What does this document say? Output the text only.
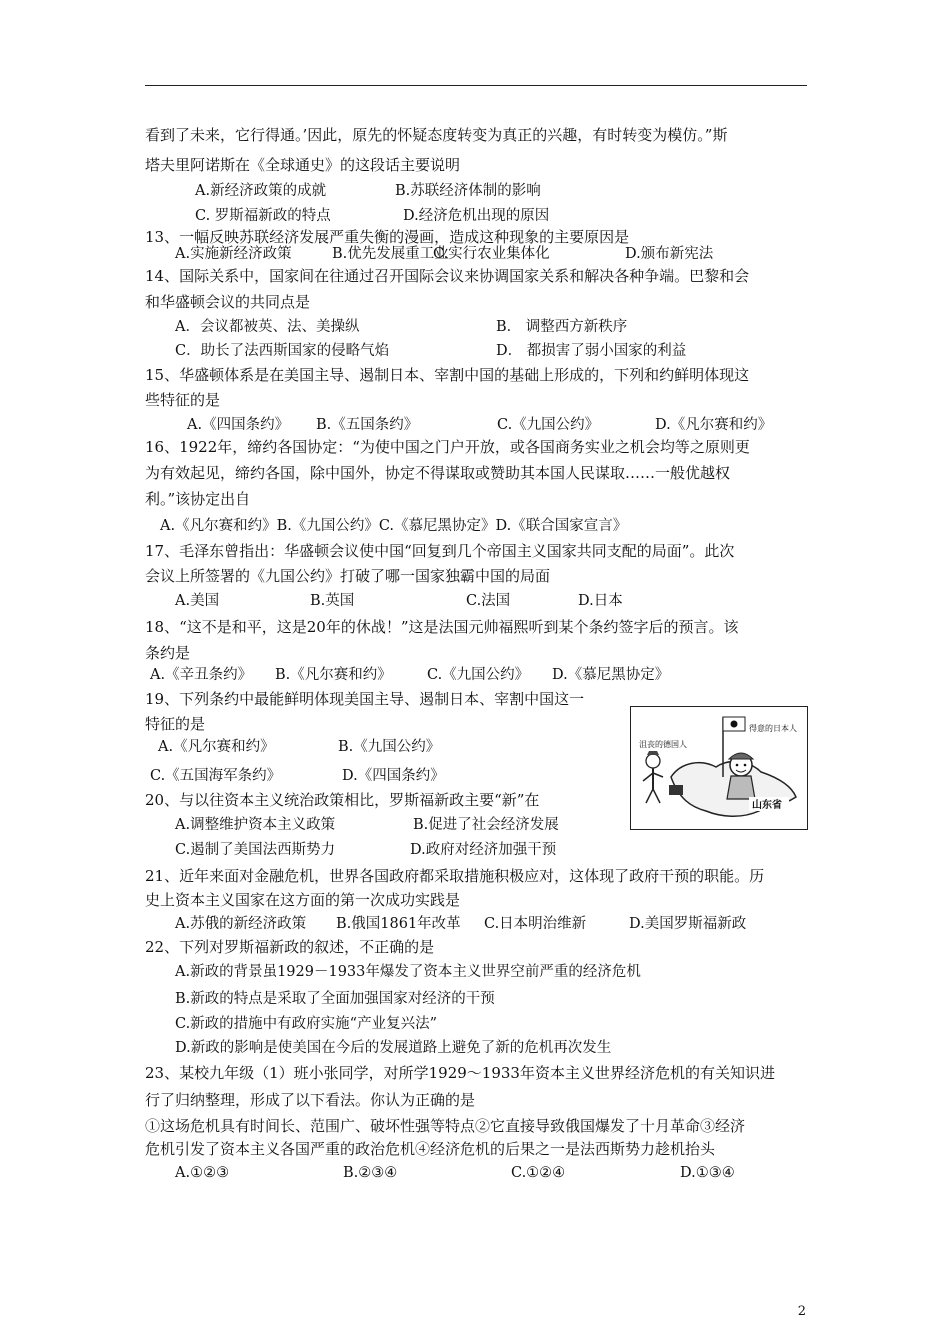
看到了未来，它行得通。’因此，原先的怀疑态度转变为真正的兴趣，有时转变为模仿。”斯
塔夫里阿诺斯在《全球通史》的这段话主要说明
A.新经济政策的成就	B.苏联经济体制的影响
C. 罗斯福新政的特点	D.经济危机出现的原因
13、一幅反映苏联经济发展严重失衡的漫画，造成这种现象的主要原因是
A.实施新经济政策	B.优先发展重工业
C.实行农业集体化	D.颁布新宪法
14、国际关系中，国家间在往通过召开国际会议来协调国家关系和解决各种争端。巴黎和会
和华盛顿会议的共同点是
A．会议都被英、法、美操纵	B． 调整西方新秩序
C．助长了法西斯国家的侵略气焰	D． 都损害了弱小国家的利益
15、华盛顿体系是在美国主导、遏制日本、宰割中国的基础上形成的，下列和约鲜明体现这
些特征的是
A.《四国条约》 B.《五国条约》	C.《九国公约》	D.《凡尔赛和约》
16、1922年，缔约各国协定：“为使中国之门户开放，或各国商务实业之机会均等之原则更
为有效起见，缔约各国，除中国外，协定不得谋取或赞助其本国人民谋取……一般优越权
利。”该协定出自
A.《凡尔赛和约》B.《九国公约》C.《慕尼黑协定》D.《联合国家宣言》
17、毛泽东曾指出：华盛顿会议使中国“回复到几个帝国主义国家共同支配的局面”。此次
会议上所签署的《九国公约》打破了哪一国家独霸中国的局面
A.美国	B.英国	C.法国	D.日本
18、“这不是和平，这是20年的休战！”这是法国元帅福熙听到某个条约签字后的预言。该
条约是
A.《辛丑条约》 B.《凡尔赛和约》 C.《九国公约》 D.《慕尼黑协定》
19、下列条约中最能鲜明体现美国主导、遏制日本、宰割中国这一
特征的是
A.《凡尔赛和约》	B.《九国公约》
C.《五国海军条约》	D.《四国条约》
20、与以往资本主义统治政策相比，罗斯福新政主要“新”在
A.调整维护资本主义政策	B.促进了社会经济发展
C.遏制了美国法西斯势力	D.政府对经济加强干预
21、近年来面对金融危机，世界各国政府都采取措施积极应对，这体现了政府干预的职能。历
史上资本主义国家在这方面的第一次成功实践是
A.苏俄的新经济政策 B.俄国1861年改革 C.日本明治维新	D.美国罗斯福新政
22、下列对罗斯福新政的叙述，不正确的是
A.新政的背景虽1929－1933年爆发了资本主义世界空前严重的经济危机
B.新政的特点是采取了全面加强国家对经济的干预
C.新政的措施中有政府实施“产业复兴法”
D.新政的影响是使美国在今后的发展道路上避免了新的危机再次发生
23、某校九年级（1）班小张同学，对所学1929～1933年资本主义世界经济危机的有关知识进
行了归纳整理，形成了以下看法。你认为正确的是
①这场危机具有时间长、范围广、破坏性强等特点②它直接导致俄国爆发了十月革命③经济
危机引发了资本主义各国严重的政治危机④经济危机的后果之一是法西斯势力趁机抬头
A.①②③	B.②③④	C.①②④	D.①③④
沮丧的德国人
得意的日本人
山东省
2
